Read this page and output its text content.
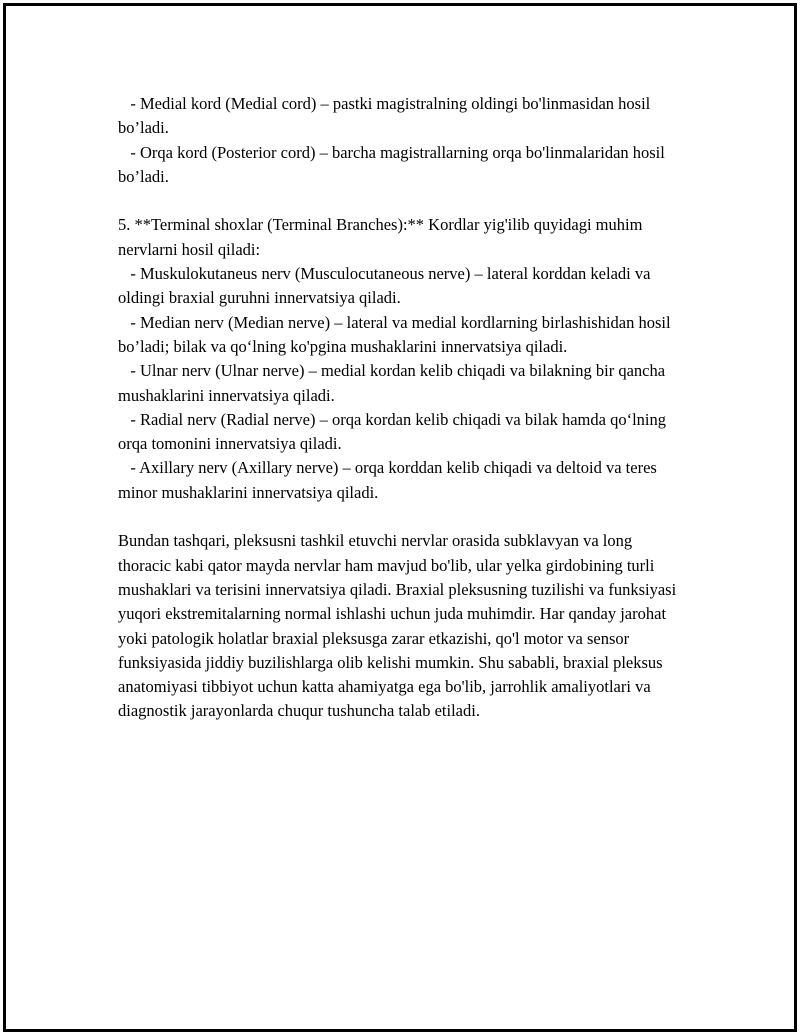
- Medial kord (Medial cord) – pastki magistralning oldingi bo'linmasidan hosil bo’ladi.

- Orqa kord (Posterior cord) – barcha magistrallarning orqa bo'linmalaridan hosil bo’ladi.

5. **Terminal shoxlar (Terminal Branches):** Kordlar yig'ilib quyidagi muhim nervlarni hosil qiladi:

- Muskulokutaneus nerv (Musculocutaneous nerve) – lateral korddan keladi va oldingi braxial guruhni innervatsiya qiladi.

- Median nerv (Median nerve) – lateral va medial kordlarning birlashishidan hosil bo’ladi; bilak va qo‘lning ko'pgina mushaklarini innervatsiya qiladi.

- Ulnar nerv (Ulnar nerve) – medial kordan kelib chiqadi va bilakning bir qancha mushaklarini innervatsiya qiladi.

- Radial nerv (Radial nerve) – orqa kordan kelib chiqadi va bilak hamda qo‘lning orqa tomonini innervatsiya qiladi.

- Axillary nerv (Axillary nerve) – orqa korddan kelib chiqadi va deltoid va teres minor mushaklarini innervatsiya qiladi.

Bundan tashqari, pleksusni tashkil etuvchi nervlar orasida subklavyan va long thoracic kabi qator mayda nervlar ham mavjud bo'lib, ular yelka girdobining turli mushaklari va terisini innervatsiya qiladi. Braxial pleksusning tuzilishi va funksiyasi yuqori ekstremitalarning normal ishlashi uchun juda muhimdir. Har qanday jarohat yoki patologik holatlar braxial pleksusga zarar etkazishi, qo'l motor va sensor funksiyasida jiddiy buzilishlarga olib kelishi mumkin. Shu sababli, braxial pleksus anatomiyasi tibbiyot uchun katta ahamiyatga ega bo'lib, jarrohlik amaliyotlari va diagnostik jarayonlarda chuqur tushuncha talab etiladi.
